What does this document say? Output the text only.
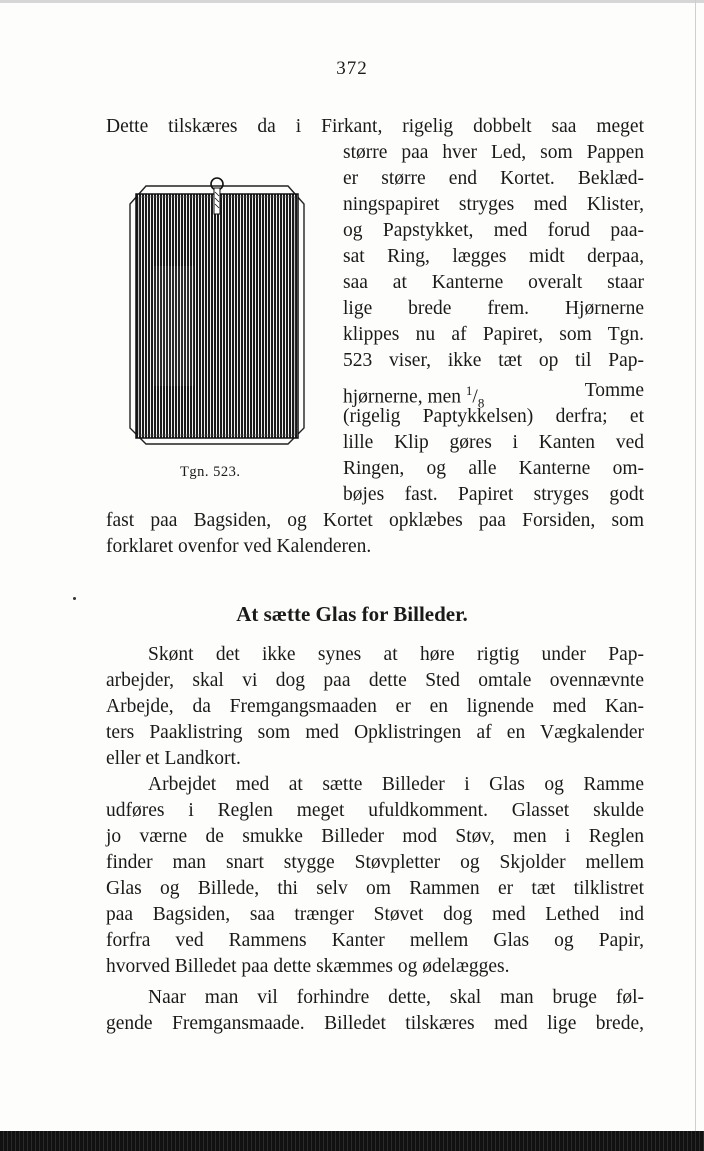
372
Dette tilskæres da i Firkant, rigelig dobbelt saa meget
større paa hver Led, som Pappen
er større end Kortet. Beklæd-
ningspapiret stryges med Klister,
og Papstykket, med forud paa-
sat Ring, lægges midt derpaa,
saa at Kanterne overalt staar
lige brede frem. Hjørnerne
klippes nu af Papiret, som Tgn.
523 viser, ikke tæt op til Pap-
hjørnerne, men $^1/_8$
Tomme
(rigelig Paptykkelsen) derfra; et
lille Klip gøres i Kanten ved
Ringen, og alle Kanterne om-
bøjes fast. Papiret stryges godt
fast paa Bagsiden, og Kortet opklæbes paa Forsiden, som
forklaret ovenfor ved Kalenderen.
Tgn. 523.
At sætte Glas for Billeder.
Skønt det ikke synes at høre rigtig under Pap-
arbejder, skal vi dog paa dette Sted omtale ovennævnte
Arbejde, da Fremgangsmaaden er en lignende med Kan-
ters Paaklistring som med Opklistringen af en Vægkalender
eller et Landkort.
Arbejdet med at sætte Billeder i Glas og Ramme
udføres i Reglen meget ufuldkomment. Glasset skulde
jo værne de smukke Billeder mod Støv, men i Reglen
finder man snart stygge Støvpletter og Skjolder mellem
Glas og Billede, thi selv om Rammen er tæt tilklistret
paa Bagsiden, saa trænger Støvet dog med Lethed ind
forfra ved Rammens Kanter mellem Glas og Papir,
hvorved Billedet paa dette skæmmes og ødelægges.
Naar man vil forhindre dette, skal man bruge føl-
gende Fremgansmaade. Billedet tilskæres med lige brede,
